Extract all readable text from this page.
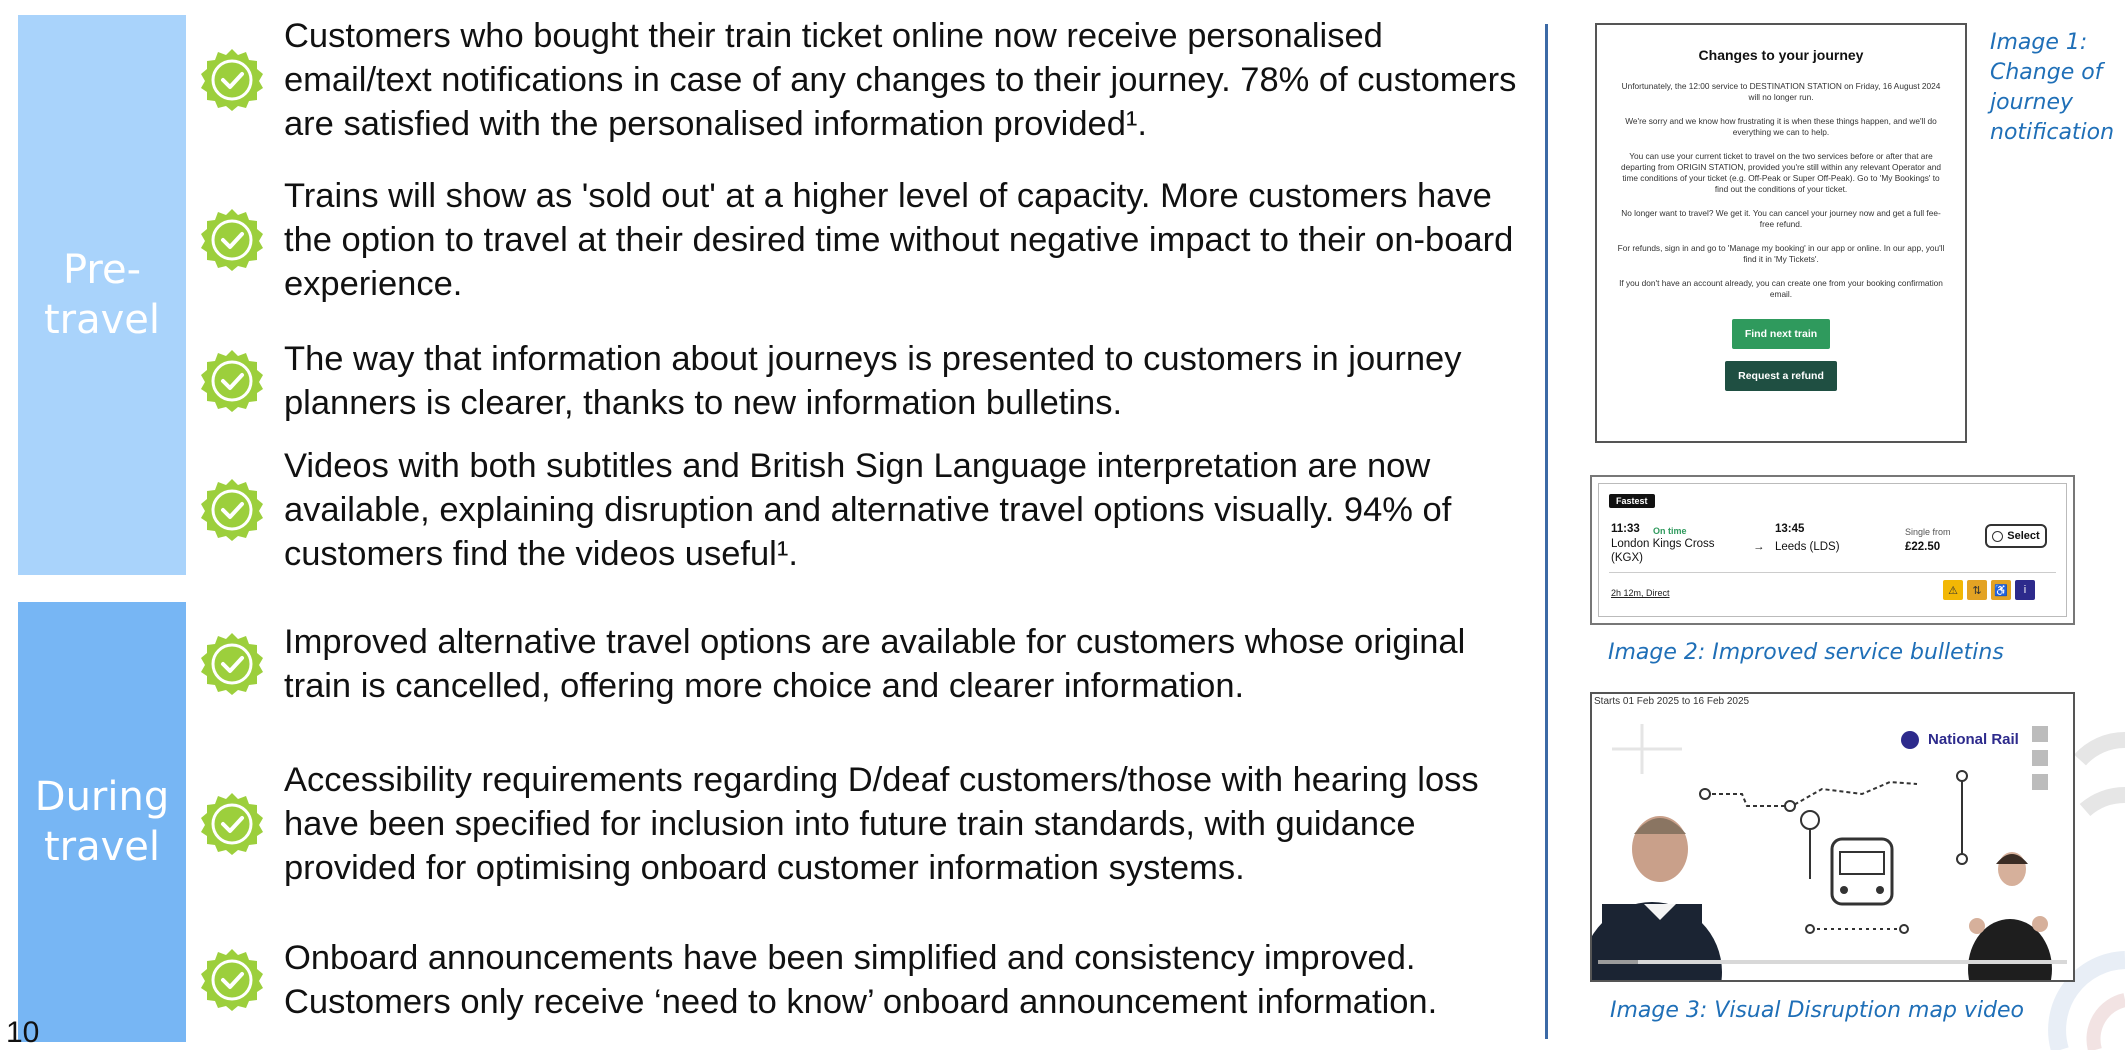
Pre-
travel
During
travel
Customers who bought their train ticket online now receive personalised email/text notifications in case of any changes to their journey. 78% of customers are satisfied with the personalised information provided¹.
Trains will show as 'sold out' at a higher level of capacity. More customers have the option to travel at their desired time without negative impact to their on-board experience.
The way that information about journeys is presented to customers in journey planners is clearer, thanks to new information bulletins.
Videos with both subtitles and British Sign Language interpretation are now available, explaining disruption and alternative travel options visually. 94% of customers find the videos useful¹.
Improved alternative travel options are available for customers whose original train is cancelled, offering more choice and clearer information.
Accessibility requirements regarding D/deaf customers/those with hearing loss have been specified for inclusion into future train standards, with guidance provided for optimising onboard customer information systems.
Onboard announcements have been simplified and consistency improved. Customers only receive ‘need to know’ onboard announcement information.
10
Changes to your journey

Unfortunately, the 12:00 service to DESTINATION STATION on Friday, 16 August 2024 will no longer run.

We're sorry and we know how frustrating it is when these things happen, and we'll do everything we can to help.

You can use your current ticket to travel on the two services before or after that are departing from ORIGIN STATION, provided you're still within any relevant Operator and time conditions of your ticket (e.g. Off-Peak or Super Off-Peak). Go to 'My Bookings' to find out the conditions of your ticket.

No longer want to travel? We get it. You can cancel your journey now and get a full fee-free refund.

For refunds, sign in and go to 'Manage my booking' in our app or online. In our app, you'll find it in 'My Tickets'.

If you don't have an account already, you can create one from your booking confirmation email.

Find next train
Request a refund
Image 1: Change of journey notification
Fastest
11:33 On time
London Kings Cross (KGX)
13:45
→ Leeds (LDS)
Single from
£22.50
Select
2h 12m, Direct	⚠	⇅	♿	i
Image 2: Improved service bulletins
Starts 01 Feb 2025 to 16 Feb 2025
National Rail
Image 3: Visual Disruption map video
